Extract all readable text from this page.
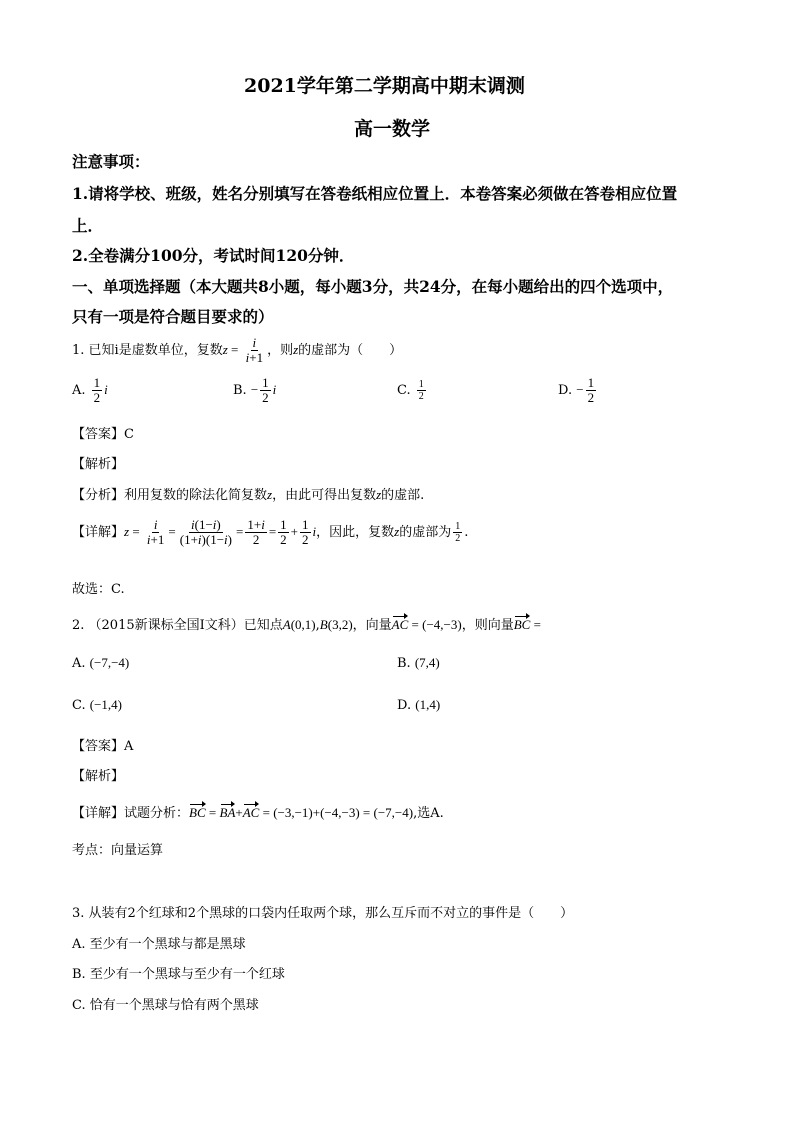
2021学年第二学期高中期末调测
高一数学
注意事项：
1.请将学校、班级，姓名分别填写在答卷纸相应位置上．本卷答案必须做在答卷相应位置
上．
2.全卷满分100分，考试时间120分钟．
一、单项选择题（本大题共8小题，每小题3分，共24分，在每小题给出的四个选项中，
只有一项是符合题目要求的）
1. 已知i是虚数单位，复数$z = \frac{i}{i+1}$ ，则z的虚部为（　　）
A. $\frac{1}{2}$ i	B. − $\frac{1}{2}$ i	C. $\frac{1}{2}$	D. − $\frac{1}{2}$
【答案】C
【解析】
【分析】利用复数的除法化简复数z，由此可得出复数z的虚部.
【详解】$z = \frac{i}{i+1} = \frac{i(1-i)}{(1+i)(1-i)} = \frac{1+i}{2} = \frac{1}{2} + \frac{1}{2}$ i，因此，复数z的虚部为 $\frac{1}{2}$ .
故选：C.
2. （2015新课标全国Ⅰ文科）已知点A(0,1),B(3,2)，向量AC = (−4,−3)，则向量BC =
A. (−7,−4)	B. (7,4)
C. (−1,4)	D. (1,4)
【答案】A
【解析】
【详解】试题分析：BC = BA+AC = (−3,−1)+(−4,−3) = (−7,−4),选A.
考点：向量运算
3. 从装有2个红球和2个黑球的口袋内任取两个球，那么互斥而不对立的事件是（　　）
A. 至少有一个黑球与都是黑球
B. 至少有一个黑球与至少有一个红球
C. 恰有一个黑球与恰有两个黑球
